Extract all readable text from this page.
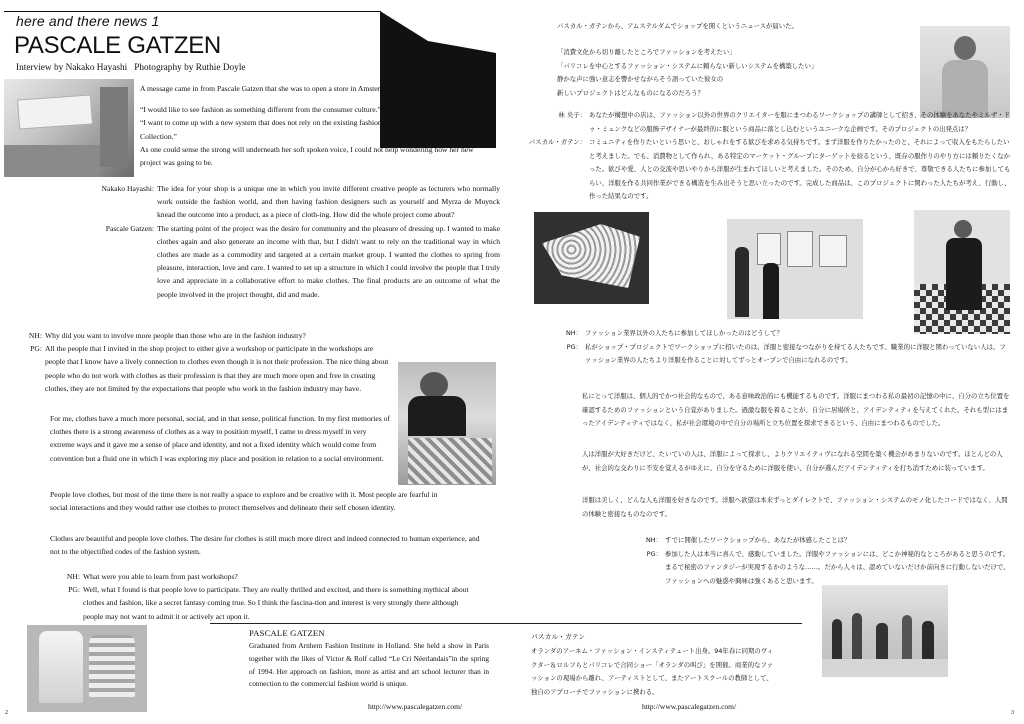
here and there news 1
PASCALE GATZEN
Interview by Nakako Hayashi   Photography by Ruthie Doyle

A message came in from Pascale Gatzen that she was to open a store in Amsterdam.

“I would like to see fashion as something different from the consumer culture.”

“I want to come up with a new system that does not rely on the existing fashion system centered on the Paris Collection.”

As one could sense the strong will underneath her soft spoken voice, I could not help wondering how her new project was going to be.

Nakako Hayashi: The idea for your shop is a unique one in which you invite different creative people as lecturers who normally work outside the fashion world, and then having fashion designers such as yourself and Myrza de Muynck knead the outcome into a product, as a piece of cloth-ing. How did the whole project come about?
Pascale Gatzen: The starting point of the project was the desire for community and the pleasure of dressing up. I wanted to make clothes again and also generate an income with that, but I didn't want to rely on the traditional way in which clothes are made as a commodity and targeted at a certain market group. I wanted the clothes to spring from pleasure, interaction, love and care. I wanted to set up a structure in which I could involve the people that I truly love and appreciate in a collaborative effort to make clothes. The final products are an outcome of what the people involved in the project thought, did and made.
NH: Why did you want to involve more people than those who are in the fashion industry?
PG: All the people that I invited in the shop project to either give a workshop or participate in the workshops are people that I know have a lively connection to clothes even though it is not their profession. The nice thing about people who do not work with clothes as their profession is that they are much more open and free in creating clothes, they are not limited by the expectations that people who work in the fashion industry may have.
For me, clothes have a much more personal, social, and in that sense, political function. In my first memories of clothes there is a strong awareness of clothes as a way to position myself, I came to dress myself in very extreme ways and it gave me a sense of place and identity, and not a fixed identity which would come from convention but a fluid one in which I was exploring my place and position in relation to a social environment.
People love clothes, but most of the time there is not really a space to explore and be creative with it. Most people are fearful in social interactions and they would rather use clothes to protect themselves and delineate their self chosen identity.
Clothes are beautiful and people love clothes. The desire for clothes is still much more direct and indeed connected to human experience, and not to the objectified codes of the fashion system.
NH: What were you able to learn from past workshops?
PG: Well, what I found is that people love to participate. They are really thrilled and excited, and there is something mythical about clothes and fashion, like a secret fantasy coming true. So I think the fascina-tion and interest is very strongly there although people may not want to admit it or actively act upon it.
PASCALE GATZEN
Graduated from Arnhem Fashion Institute in Holland. She held a show in Paris together with the likes of Victor & Rolf called “Le Cri Néerlandais”in the spring of 1994. Her approach on fashion, more as artist and art school lecturer than in connection to the commercial fashion world is unique.
http://www.pascalegatzen.com/
2
パスカル・ガテンから、アムステルダムでショップを開くというニュースが届いた。

「消費文化から切り離したところでファッションを考えたい」

「パリコレを中心とするファッション・システムに頼らない新しいシステムを構築したい」

静かな声に強い意志を響かせながらそう語っていた彼女の

新しいプロジェクトはどんなものになるのだろう？

林 央子： あなたが構想中の店は、ファッション以外の世界のクリエイターを服にまつわるワークショップの講師として招き、その体験をあなたやミルザ・ドゥ・ミュンクなどの服飾デザイナーが最終的に服という商品に落とし込むというユニークな企画です。そのプロジェクトの出発点は？
パスカル・ガテン： コミュニティを作りたいという思いと、おしゃれをする歓びを求める気持ちです。まず洋服を作りたかったのと、それによって収入をもたらしたいと考えました。でも、消費物として作られ、ある特定のマーケット・グループにターゲットを絞るという、既存の服作りのやり方には頼りたくなかった。歓びや愛、人との交流や思いやりから洋服が生まれてほしいと考えました。そのため、自分が心から好きで、尊敬できる人たちに参加してもらい、洋服を作る共同作業ができる構造を生み出そうと思い立ったのです。完成した商品は、このプロジェクトに関わった人たちが考え、行動し、作った結果なのです。
NH： ファッション業界以外の人たちに参加してほしかったのはどうして？
PG： 私がショップ・プロジェクトでワークショップに招いたのは、洋服と密接なつながりを持てる人たちです。職業的に洋服と関わっていない人は、ファッション業界の人たちより洋服を作ることに対してずっとオープンで自由になれるのです。
私にとって洋服は、個人的でかつ社会的なもので、ある意味政治的にも機能するものです。洋服にまつわる私の最初の記憶の中に、自分の立ち位置を確認するためのファッションという自覚がありました。過激な服を着ることが、自分に居場所と、アイデンティティを与えてくれた。それも型にはまったアイデンティティではなく、私が社会環境の中で自分の場所と立ち位置を探求できるという、自由にまつわるものでした。
人は洋服が大好きだけど、たいていの人は、洋服によって探求し、よりクリエイティヴになれる空間を築く機会があまりないのです。ほとんどの人が、社会的な交わりに不安を覚えるがゆえに、自分を守るために洋服を使い、自分が選んだアイデンティティを打ち消すために装っています。
洋服は美しく、どんな人も洋服を好きなのです。洋服へ欲望は本来ずっとダイレクトで、ファッション・システムのモノ化したコードではなく、人間の体験と密接なものなのです。
NH： すでに開催したワークショップから、あなたが体感したことは？
PG： 参加した人は本当に喜んで、感動していました。洋服やファッションには、どこか神秘的なところがあると思うのです。まるで秘密のファンタジーが実現するかのような……。だから人々は、認めていないだけか前向きに行動しないだけで、ファッションへの魅惑や興味は強くあると思います。
パスカル・ガテン
オランダのアーネム・ファッション・インスティテュート出身。94年春に同期のヴィクター＆ロルフらとパリコレで合同ショー「オランダの叫び」を開催。商業的なファッションの現場から離れ、アーティストとして、またアートスクールの教師として、独自のアプローチでファッションに携わる。
http://www.pascalegatzen.com/
3
